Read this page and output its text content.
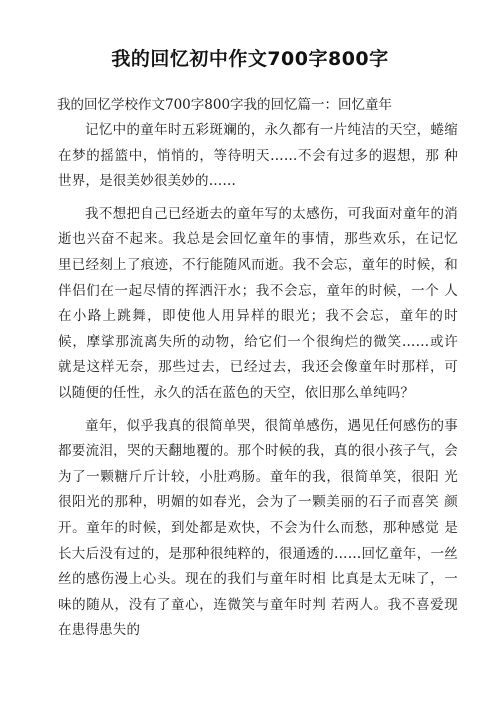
我的回忆初中作文700字800字

我的回忆学校作文700字800字我的回忆篇一：回忆童年

记忆中的童年时五彩斑斓的，永久都有一片纯洁的天空，蜷缩在梦的摇篮中，悄悄的，等待明天……不会有过多的遐想，那 种世界，是很美妙很美妙的……

我不想把自己已经逝去的童年写的太感伤，可我面对童年的消逝也兴奋不起来。我总是会回忆童年的事情，那些欢乐，在记忆 里已经刻上了痕迹，不行能随风而逝。我不会忘，童年的时候，和伴侣们在一起尽情的挥洒汗水；我不会忘，童年的时候，一个 人在小路上跳舞，即使他人用异样的眼光；我不会忘，童年的时 候，摩挲那流离失所的动物，给它们一个很绚烂的微笑……或许 就是这样无奈，那些过去，已经过去，我还会像童年时那样，可 以随便的任性，永久的活在蓝色的天空，依旧那么单纯吗？

童年，似乎我真的很简单哭，很简单感伤，遇见任何感伤的事都要流泪，哭的天翻地覆的。那个时候的我，真的很小孩子气，会为了一颗糖斤斤计较，小肚鸡肠。童年的我，很简单笑，很阳 光很阳光的那种，明媚的如春光，会为了一颗美丽的石子而喜笑 颜开。童年的时候，到处都是欢快，不会为什么而愁，那种感觉 是长大后没有过的，是那种很纯粹的，很通透的……回忆童年，一丝丝的感伤漫上心头。现在的我们与童年时相 比真是太无味了，一味的随从，没有了童心，连微笑与童年时判 若两人。我不喜爱现在患得患失的
